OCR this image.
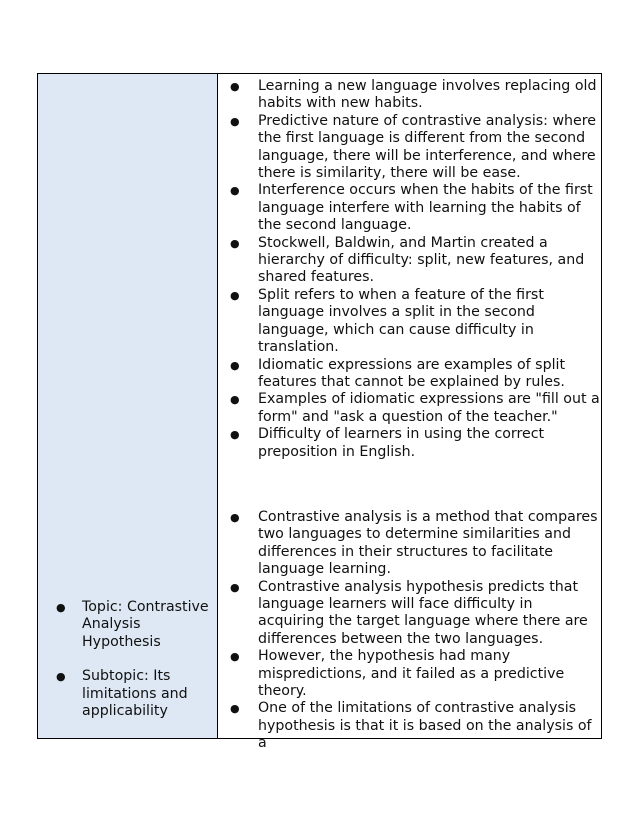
● Topic: Contrastive Analysis Hypothesis
● Subtopic: Its limitations and applicability
● Learning a new language involves replacing old habits with new habits.
● Predictive nature of contrastive analysis: where the first language is different from the second language, there will be interference, and where there is similarity, there will be ease.
● Interference occurs when the habits of the first language interfere with learning the habits of the second language.
● Stockwell, Baldwin, and Martin created a hierarchy of difficulty: split, new features, and shared features.
● Split refers to when a feature of the first language involves a split in the second language, which can cause difficulty in translation.
● Idiomatic expressions are examples of split features that cannot be explained by rules.
● Examples of idiomatic expressions are "fill out a form" and "ask a question of the teacher."
● Difficulty of learners in using the correct preposition in English.
● Contrastive analysis is a method that compares two languages to determine similarities and differences in their structures to facilitate language learning.
● Contrastive analysis hypothesis predicts that language learners will face difficulty in acquiring the target language where there are differences between the two languages.
● However, the hypothesis had many mispredictions, and it failed as a predictive theory.
● One of the limitations of contrastive analysis hypothesis is that it is based on the analysis of a
